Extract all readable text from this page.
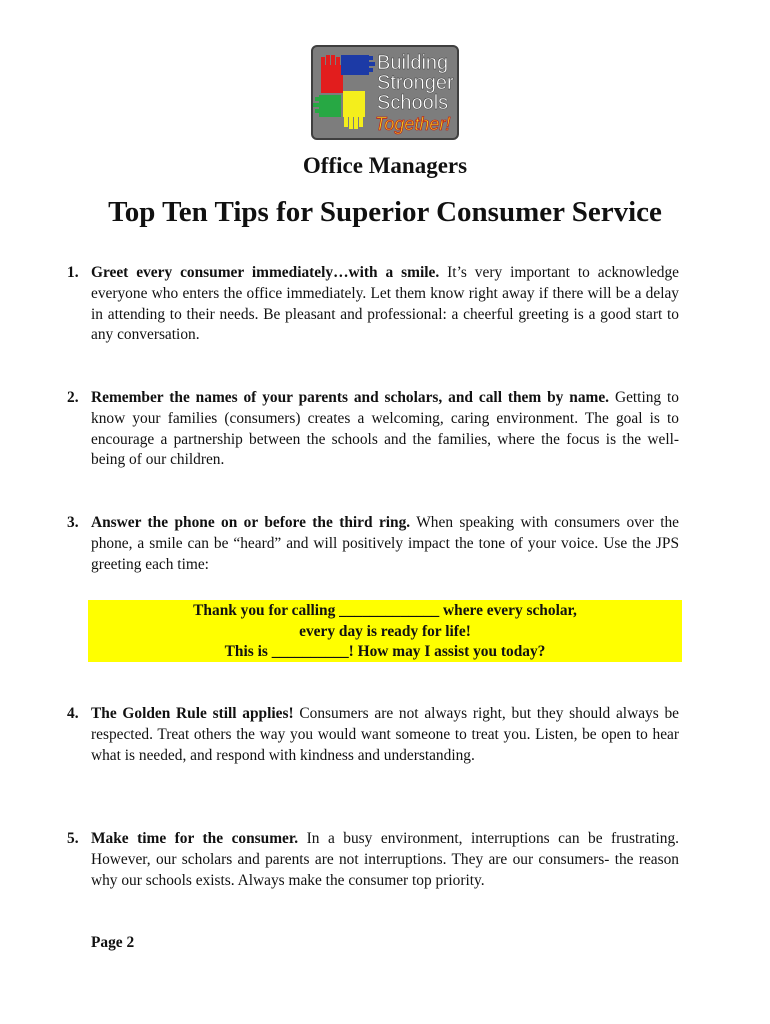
Building
Stronger
Schools
Together!
Office Managers
Top Ten Tips for Superior Consumer Service
1. Greet every consumer immediately…with a smile. It’s very important to acknowledge everyone who enters the office immediately. Let them know right away if there will be a delay in attending to their needs. Be pleasant and professional: a cheerful greeting is a good start to any conversation.

2. Remember the names of your parents and scholars, and call them by name. Getting to know your families (consumers) creates a welcoming, caring environment. The goal is to encourage a partnership between the schools and the families, where the focus is the well-being of our children.

3. Answer the phone on or before the third ring. When speaking with consumers over the phone, a smile can be “heard” and will positively impact the tone of your voice. Use the JPS greeting each time:

Thank you for calling _____________ where every scholar,
every day is ready for life!
This is __________! How may I assist you today?
4. The Golden Rule still applies! Consumers are not always right, but they should always be respected. Treat others the way you would want someone to treat you. Listen, be open to hear what is needed, and respond with kindness and understanding.

5. Make time for the consumer. In a busy environment, interruptions can be frustrating. However, our scholars and parents are not interruptions. They are our consumers- the reason why our schools exists. Always make the consumer top priority.

Page 2
